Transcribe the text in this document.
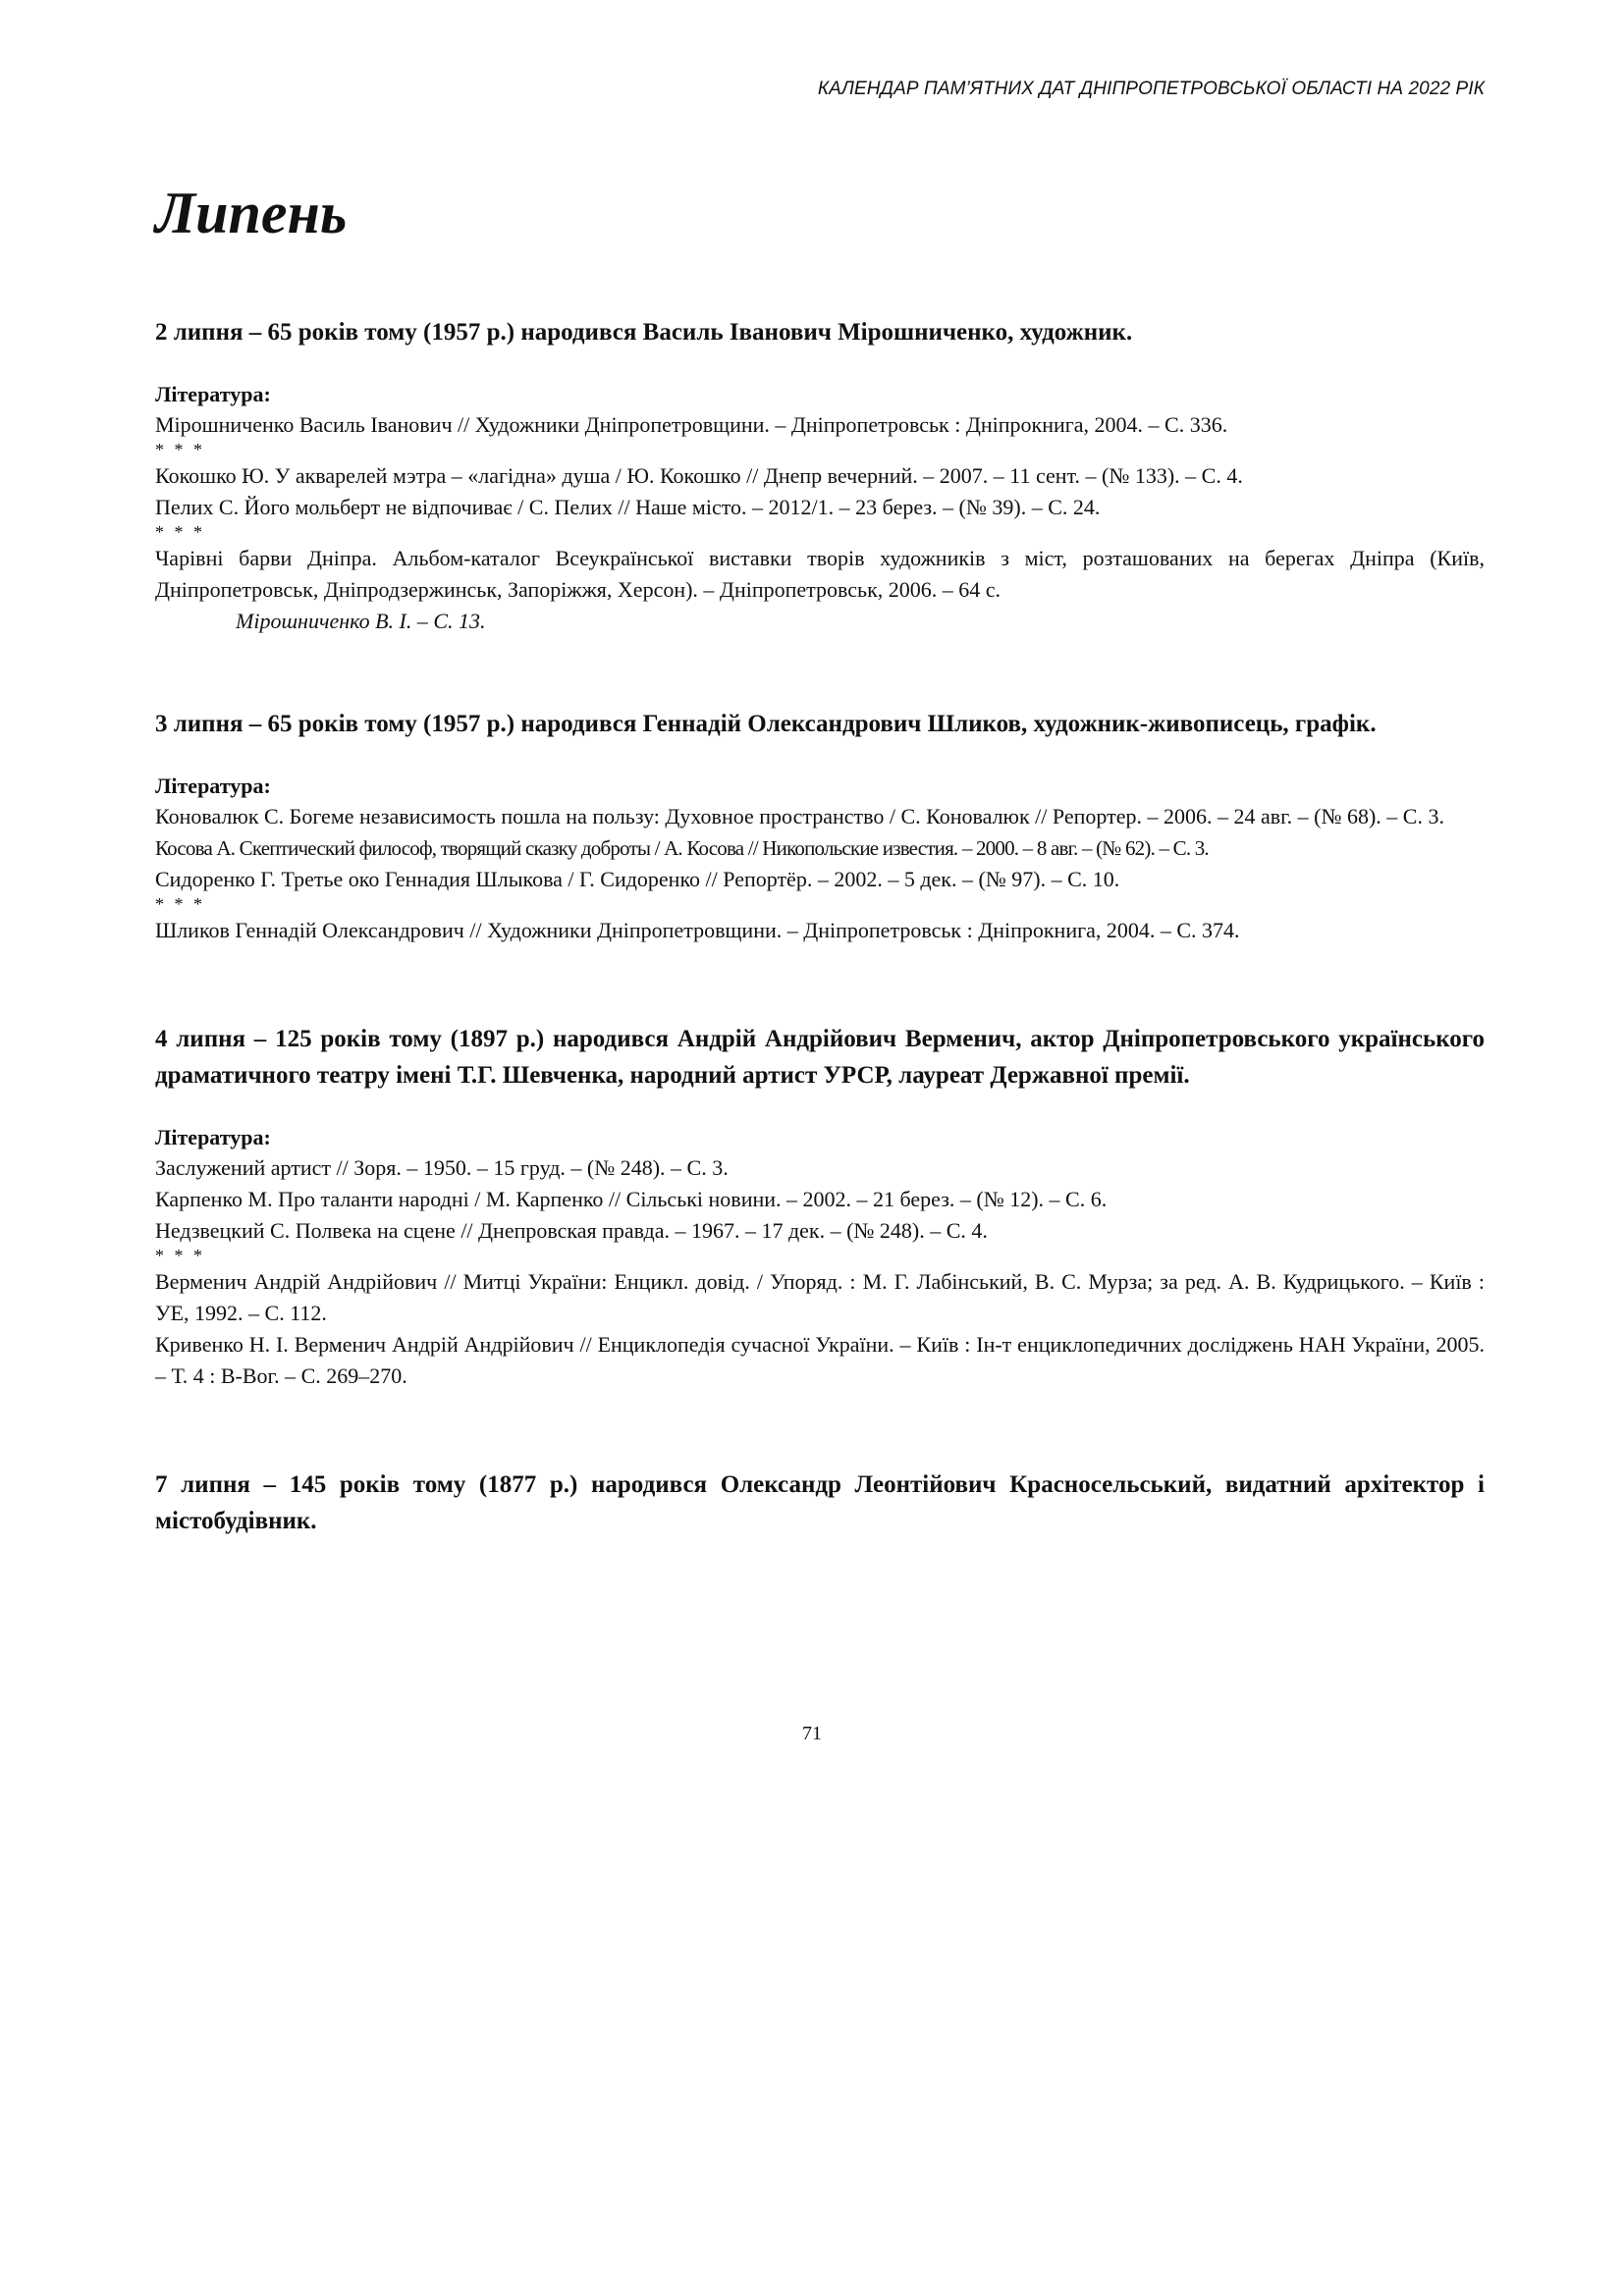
КАЛЕНДАР ПАМ’ЯТНИХ ДАТ ДНІПРОПЕТРОВСЬКОЇ ОБЛАСТІ НА 2022 РІК
Липень

2 липня – 65 років тому (1957 р.) народився Василь Іванович Мірошниченко, художник.

Література:

Мірошниченко Василь Іванович // Художники Дніпропетровщини. – Дніпропетровськ : Дніпрокнига, 2004. – С. 336.

* * *

Кокошко Ю. У акварелей мэтра – «лагідна» душа / Ю. Кокошко // Днепр вечерний. – 2007. – 11 сент. – (№ 133). – С. 4.

Пелих С. Його мольберт не відпочиває / С. Пелих // Наше місто. – 2012/1. – 23 берез. – (№ 39). – С. 24.

* * *

Чарівні барви Дніпра. Альбом-каталог Всеукраїнської виставки творів художників з міст, розташованих на берегах Дніпра (Київ, Дніпропетровськ, Дніпродзержинськ, Запоріжжя, Херсон). – Дніпропетровськ, 2006. – 64 с.

Мірошниченко В. І. – С. 13.

3 липня – 65 років тому (1957 р.) народився Геннадій Олександрович Шликов, художник-живописець, графік.

Література:

Коновалюк С. Богеме независимость пошла на пользу: Духовное пространство / С. Коновалюк // Репортер. – 2006. – 24 авг. – (№ 68). – С. 3.

Косова А. Скептический философ, творящий сказку доброты / А. Косова // Никопольские известия. – 2000. – 8 авг. – (№ 62). – С. 3.

Сидоренко Г. Третье око Геннадия Шлыкова / Г. Сидоренко // Репортёр. – 2002. – 5 дек. – (№ 97). – С. 10.

* * *

Шликов Геннадій Олександрович // Художники Дніпропетровщини. – Дніпропетровськ : Дніпрокнига, 2004. – С. 374.

4 липня – 125 років тому (1897 р.) народився Андрій Андрійович Верменич, актор Дніпропетровського українського драматичного театру імені Т.Г. Шевченка, народний артист УРСР, лауреат Державної премії.

Література:

Заслужений артист // Зоря. – 1950. – 15 груд. – (№ 248). – С. 3.

Карпенко М. Про таланти народні / М. Карпенко // Сільські новини. – 2002. – 21 берез. – (№ 12). – С. 6.

Недзвецкий С. Полвека на сцене // Днепровская правда. – 1967. – 17 дек. – (№ 248). – С. 4.

* * *

Верменич Андрій Андрійович // Митці України: Енцикл. довід. / Упоряд. : М. Г. Лабінський, В. С. Мурза; за ред. А. В. Кудрицького. – Київ : УЕ, 1992. – С. 112.

Кривенко Н. І. Верменич Андрій Андрійович // Енциклопедія сучасної України. – Київ : Ін-т енциклопедичних досліджень НАН України, 2005. – Т. 4 : В-Вог. – С. 269–270.

7 липня – 145 років тому (1877 р.) народився Олександр Леонтійович Красносельський, видатний архітектор і містобудівник.

71
